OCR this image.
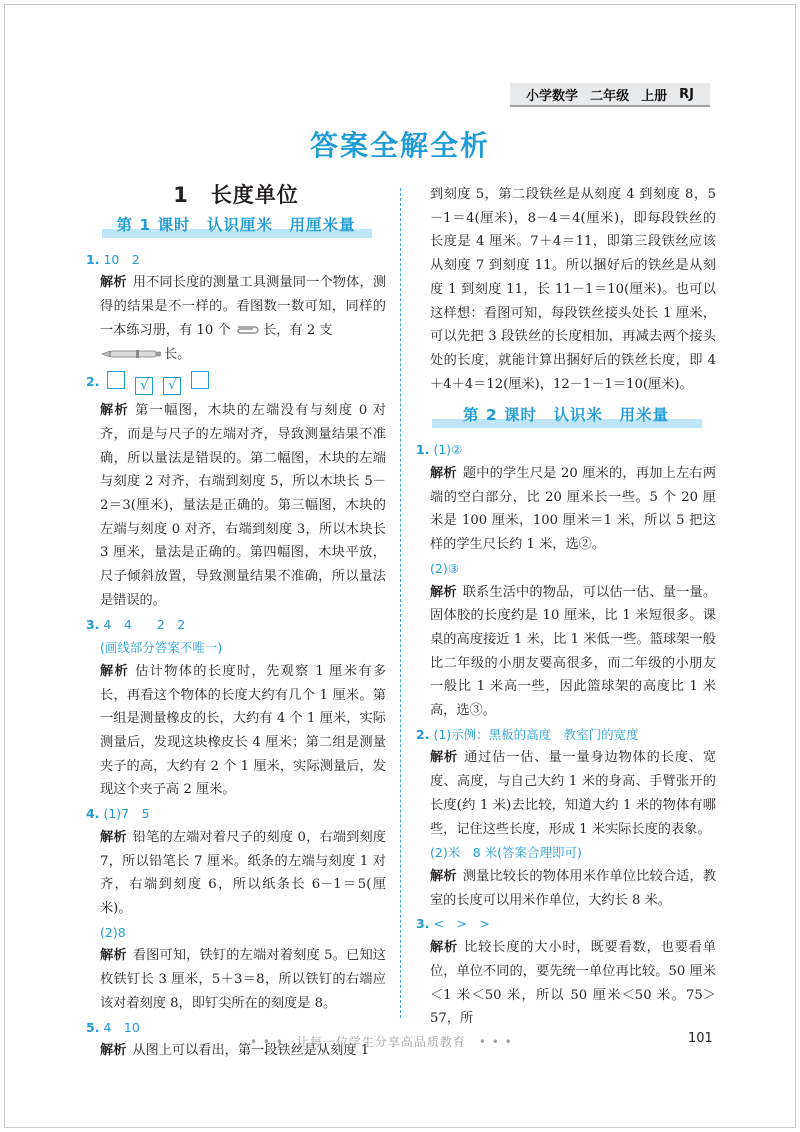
小学数学 二年级 上册 RJ
答案全解全析
1 长度单位
第 1 课时　认识厘米　用厘米量
1. 10　2
解析 用不同长度的测量工具测量同一个物体，测得的结果是不一样的。看图数一数可知，同样的一本练习册，有 10 个 长，有 2 支
长。
2.	√ √
解析 第一幅图，木块的左端没有与刻度 0 对齐，而是与尺子的左端对齐，导致测量结果不准确，所以量法是错误的。第二幅图，木块的左端与刻度 2 对齐，右端到刻度 5，所以木块长 5－2＝3(厘米)，量法是正确的。第三幅图，木块的左端与刻度 0 对齐，右端到刻度 3，所以木块长 3 厘米，量法是正确的。第四幅图，木块平放，尺子倾斜放置，导致测量结果不准确，所以量法是错误的。
3. 4　4　　2　2
(画线部分答案不唯一)
解析 估计物体的长度时，先观察 1 厘米有多长，再看这个物体的长度大约有几个 1 厘米。第一组是测量橡皮的长，大约有 4 个 1 厘米，实际测量后，发现这块橡皮长 4 厘米；第二组是测量夹子的高，大约有 2 个 1 厘米，实际测量后，发现这个夹子高 2 厘米。
4. (1)7　5
解析 铅笔的左端对着尺子的刻度 0，右端到刻度 7，所以铅笔长 7 厘米。纸条的左端与刻度 1 对齐，右端到刻度 6，所以纸条长 6－1＝5(厘米)。
(2)8
解析 看图可知，铁钉的左端对着刻度 5。已知这枚铁钉长 3 厘米，5＋3＝8，所以铁钉的右端应该对着刻度 8，即钉尖所在的刻度是 8。
5. 4　10
解析 从图上可以看出，第一段铁丝是从刻度 1
到刻度 5，第二段铁丝是从刻度 4 到刻度 8，5－1＝4(厘米)，8－4＝4(厘米)，即每段铁丝的长度是 4 厘米。7＋4＝11，即第三段铁丝应该从刻度 7 到刻度 11。所以捆好后的铁丝是从刻度 1 到刻度 11，长 11－1＝10(厘米)。也可以这样想：看图可知，每段铁丝接头处长 1 厘米，可以先把 3 段铁丝的长度相加，再减去两个接头处的长度，就能计算出捆好后的铁丝长度，即 4＋4＋4＝12(厘米)，12－1－1＝10(厘米)。
第 2 课时　认识米　用米量
1. (1)②
解析 题中的学生尺是 20 厘米的，再加上左右两端的空白部分，比 20 厘米长一些。5 个 20 厘米是 100 厘米，100 厘米＝1 米，所以 5 把这样的学生尺长约 1 米，选②。
(2)③
解析 联系生活中的物品，可以估一估、量一量。固体胶的长度约是 10 厘米，比 1 米短很多。课桌的高度接近 1 米，比 1 米低一些。篮球架一般比二年级的小朋友要高很多，而二年级的小朋友一般比 1 米高一些，因此篮球架的高度比 1 米高，选③。
2. (1)示例：黑板的高度　教室门的宽度
解析 通过估一估、量一量身边物体的长度、宽度、高度，与自己大约 1 米的身高、手臂张开的长度(约 1 米)去比较，知道大约 1 米的物体有哪些，记住这些长度，形成 1 米实际长度的表象。
(2)米　8 米(答案合理即可)
解析 测量比较长的物体用米作单位比较合适，教室的长度可以用米作单位，大约长 8 米。
3. <　>　>
解析 比较长度的大小时，既要看数，也要看单位，单位不同的，要先统一单位再比较。50 厘米＜1 米＜50 米，所以 50 厘米＜50 米。75＞57，所
• • •　让每一位学生分享高品质教育　• • •	101
